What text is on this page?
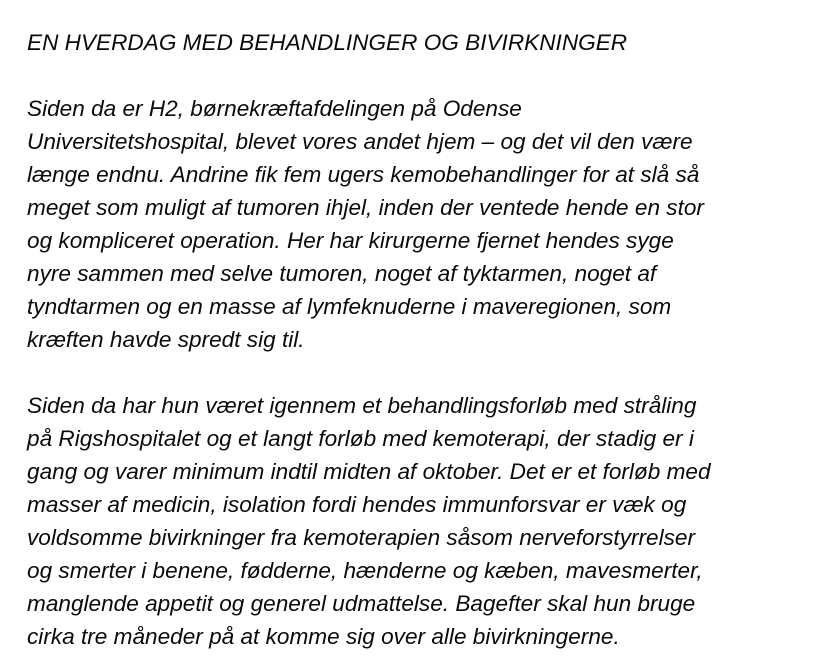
EN HVERDAG MED BEHANDLINGER OG BIVIRKNINGER

Siden da er H2, børnekræftafdelingen på Odense
Universitetshospital, blevet vores andet hjem – og det vil den være
længe endnu. Andrine fik fem ugers kemobehandlinger for at slå så
meget som muligt af tumoren ihjel, inden der ventede hende en stor
og kompliceret operation. Her har kirurgerne fjernet hendes syge
nyre sammen med selve tumoren, noget af tyktarmen, noget af
tyndtarmen og en masse af lymfeknuderne i maveregionen, som
kræften havde spredt sig til.

Siden da har hun været igennem et behandlingsforløb med stråling
på Rigshospitalet og et langt forløb med kemoterapi, der stadig er i
gang og varer minimum indtil midten af oktober. Det er et forløb med
masser af medicin, isolation fordi hendes immunforsvar er væk og
voldsomme bivirkninger fra kemoterapien såsom nerveforstyrrelser
og smerter i benene, fødderne, hænderne og kæben, mavesmerter,
manglende appetit og generel udmattelse. Bagefter skal hun bruge
cirka tre måneder på at komme sig over alle bivirkningerne.
